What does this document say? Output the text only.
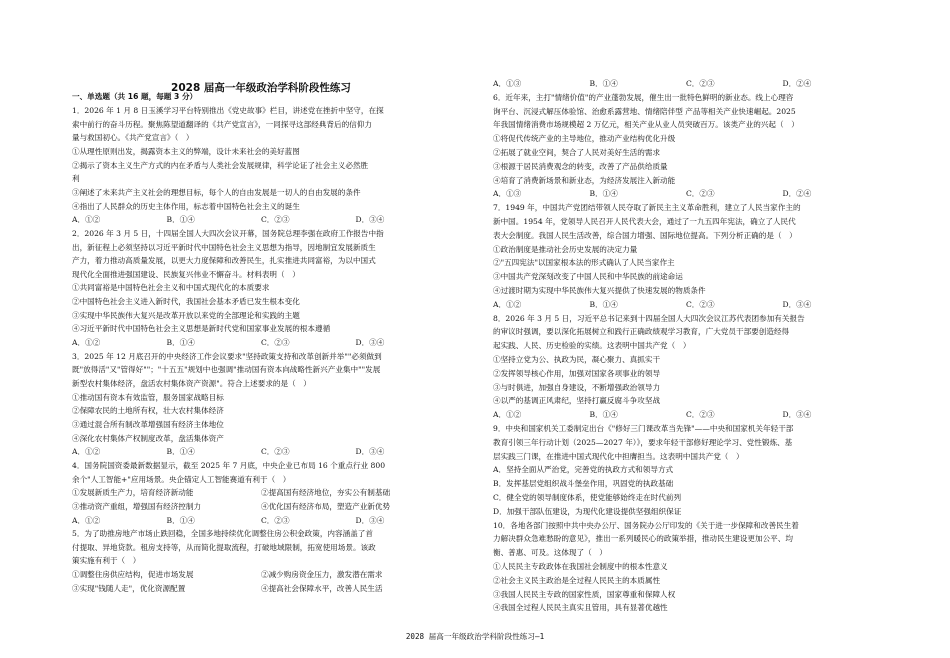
2028 届高一年级政治学科阶段性练习
一、单选题（共 16 题，每题 3 分）
1．2026 年 1 月 8 日玉溪学习平台特别推出《党史故事》栏目，讲述党在挫折中坚守，在探
索中前行的奋斗历程。聚焦陈望道翻译的《共产党宣言》，一同探寻这部经典背后的信仰力
量与救国初心。《共产党宣言》（　）
①从理性原则出发，揭露资本主义的弊端，设计未来社会的美好蓝图
②揭示了资本主义生产方式的内在矛盾与人类社会发展规律，科学论证了社会主义必然胜
利
③阐述了未来共产主义社会的理想目标，每个人的自由发展是一切人的自由发展的条件
④指出了人民群众的历史主体作用，标志着中国特色社会主义的诞生
A．①②	B．①④	C．②③	D．③④
2．2026 年 3 月 5 日，十四届全国人大四次会议开幕，国务院总理李强在政府工作报告中指
出，新征程上必须坚持以习近平新时代中国特色社会主义思想为指导，因地制宜发展新质生
产力，着力推动高质量发展，以更大力度保障和改善民生，扎实推进共同富裕，为以中国式
现代化全面推进强国建设、民族复兴伟业不懈奋斗。材料表明（　）
①共同富裕是中国特色社会主义和中国式现代化的本质要求
②中国特色社会主义进入新时代，我国社会基本矛盾已发生根本变化
③实现中华民族伟大复兴是改革开放以来党的全部理论和实践的主题
④习近平新时代中国特色社会主义思想是新时代党和国家事业发展的根本遵循
A．①②	B．①④	C．②③	D．③④
3．2025 年 12 月底召开的中央经济工作会议要求"坚持政策支持和改革创新并举""必须做到
既"放得活"又"管得好""；"十五五"规划中也强调"推动国有资本向战略性新兴产业集中""发展
新型农村集体经济，盘活农村集体资产资源"。符合上述要求的是（　）
①推动国有资本有效监管，服务国家战略目标
②保障农民的土地所有权，壮大农村集体经济
③通过混合所有制改革增强国有经济主体地位
④深化农村集体产权制度改革，盘活集体资产
A．①②	B．①④	C．②③	D．③④
4．国务院国资委最新数据显示，截至 2025 年 7 月底，中央企业已布局 16 个重点行业 800
余个"人工智能+"应用场景。央企锚定人工智能赛道有利于（　）
①发展新质生产力，培育经济新动能	②提高国有经济地位，夯实公有制基础
③推动资产重组，增强国有经济控制力	④优化国有经济布局，塑造产业新优势
A．①②	B．①④	C．②③	D．③④
5．为了助推房地产市场止跌回稳，全国多地持续优化调整住房公积金政策，内容涵盖了首
付提取、异地贷款。租房支持等，从而简化提取流程，打破地域限制，拓宽使用场景。该政
策实施有利于（　）
①调整住房供应结构，促进市场发展	②减少购房资金压力，激发潜在需求
③实现"钱随人走"，优化资源配置	④提高社会保障水平，改善人民生活
A．①③	B．①④	C．②③	D．②④
6．近年来，主打"情绪价值"的产业蓬勃发展，催生出一批特色鲜明的新业态。线上心理咨
询平台、沉浸式解压体验馆、治愈系露营地、情绪陪伴型 产品等相关产业快速崛起。2025
年我国情绪消费市场规模超 2 万亿元，相关产业从业人员突破百万。该类产业的兴起（　）
①将促代传统产业的主导地位，推动产业结构优化升级
②拓展了就业空间，契合了人民对美好生活的需求
③根源于居民消费观念的转变，改善了产品供给质量
④培育了消费新场景和新业态，为经济发展注入新动能
A．①③	B．①④	C．②③	D．②④
7．1949 年，中国共产党团结带领人民夺取了新民主主义革命胜利，建立了人民当家作主的
新中国。1954 年，党领导人民召开人民代表大会，通过了一九五四年宪法，确立了人民代
表大会制度。我国人民生活改善，综合国力增强、国际地位提高。下列分析正确的是（　）
①政治制度是推动社会历史发展的决定力量
②"五四宪法"以国家根本法的形式确认了人民当家作主
③中国共产党深刻改变了中国人民和中华民族的前途命运
④过渡时期为实现中华民族伟大复兴提供了快速发展的物质条件
A．①②	B．①④	C．②③	D．③④
8．2026 年 3 月 5 日，习近平总书记来到十四届全国人大四次会议江苏代表团参加有关报告
的审议时强调，要以深化拓展树立和践行正确政绩观学习教育，广大党员干部要创造经得
起实践、人民、历史检验的实绩。这表明中国共产党（　）
①坚持立党为公、执政为民，凝心聚力、真抓实干
②发挥领导核心作用，加强对国家各项事业的领导
③与时俱进，加强自身建设，不断增强政治领导力
④以严的基调正风肃纪，坚持打赢反腐斗争攻坚战
A．①②	B．①④	C．②③	D．③④
9．中央和国家机关工委制定出台《"修好三门课改革当先锋"——中央和国家机关年轻干部
教育引领三年行动计划（2025—2027 年）》，要求年轻干部修好理论学习、党性锻炼、基
层实践三门课，在推进中国式现代化中担膺担当。这表明中国共产党（　）
A．坚持全面从严治党，完善党的执政方式和领导方式
B．发挥基层党组织战斗堡垒作用，巩固党的执政基础
C．健全党的领导制度体系，使党能够始终走在时代前列
D．加强干部队伍建设，为现代化建设提供坚强组织保证
10．各地各部门按照中共中央办公厅、国务院办公厅印发的《关于进一步保障和改善民生着
力解决群众急难愁盼的意见》，推出一系列暖民心的政策举措，推动民生建设更加公平、均
衡、普惠、可及。这体现了（　）
①人民民主专政政体在我国社会制度中的根本性意义
②社会主义民主政治是全过程人民民主的本质属性
③我国人民民主专政的国家性质，国家尊重和保障人权
④我国全过程人民民主真实且管用，具有显著优越性
2028 届高一年级政治学科阶段性练习—1
